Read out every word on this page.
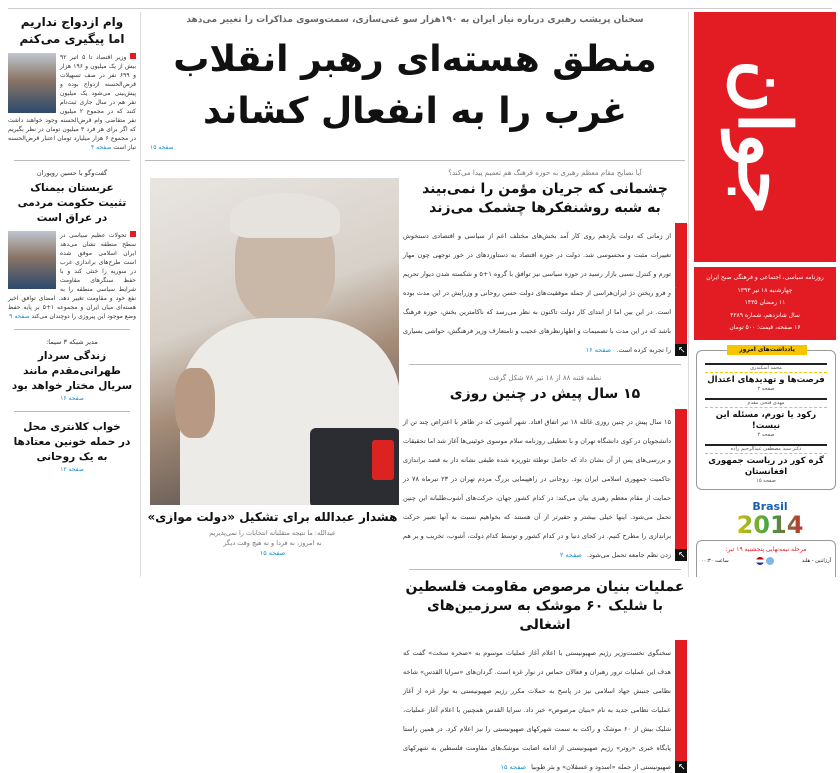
جوان
روزنامه سیاسی، اجتماعی و فرهنگی صبح ایران
چهارشنبه ۱۸ تیر ۱۳۹۳
۱۱ رمضان ۱۴۳۵
سال شانزدهم، شماره ۴۲۸۹
۱۶ صفحه، قیمت: ۵۰۰ تومان
یادداشت‌های امروز
محمد اسکندری
فرصت‌ها و تهدیدهای اعتدال
صفحه ۲
مهدی فتحی مقدم
رکود یا تورم، مسئله این نیست!
صفحه ۴
دکتر سید مصطفی عبدالرحیم زاده
گره کور در ریاست جمهوری افغانستان
صفحه ۱۵
Brasil
2014
مرحله نیمه‌نهایی پنجشنبه ۱۹ تیر:
آرژانتین - هلند
ساعت ۰۰:۳۰
سخنان پریشب رهبری درباره نیاز ایران به ۱۹۰هزار سو غنی‌سازی، سمت‌وسوی مذاکرات را تغییر می‌دهد
منطق هسته‌ای رهبر انقلاب
غرب را به انفعال کشاند
صفحه ۱۵
هشدار عبدالله برای تشکیل «دولت موازی»
عبدالله: ما نتیجه متقلبانه انتخابات را نمی‌پذیریم
نه امروز، نه فردا و نه هیچ وقت دیگر
صفحه ۱۵
آیا نصایح مقام معظم رهبری به حوزه فرهنگ هم تعمیم پیدا می‌کند؟
چشمانی که جریان مؤمن را نمی‌بیند
به شبه روشنفکرها چشمک می‌زند
↙
فرهنگی
از زمانی که دولت یازدهم روی کار آمد بخش‌های مختلف اعم از سیاسی و اقتصادی دستخوش تغییرات مثبت و محسوسی شد. دولت در حوزه اقتصاد به دستاوردهای در خور توجهی چون مهار تورم و کنترل نسبی بازار رسید در حوزه سیاسی نیز توافق با گروه ۱+۵ و شکسته شدن دیوار تحریم و فرو ریختن دژ ایران‌هراسی از جمله موفقیت‌های دولت حسن روحانی و وزرایش در این مدت بوده است. در این بین اما از ابتدای کار دولت تاکنون به نظر می‌رسد که ناکامترین بخش، حوزه فرهنگ باشد که در این مدت با تصمیمات و اظهارنظرهای عجیب و نامتعارف وزیر فرهنگش، حواشی بسیاری را تجربه کرده است. صفحه ۱۶
نطفه فتنه ۸۸ از ۱۸ تیر ۷۸ شکل گرفت
۱۵ سال پیش در چنین روزی
↙
سیاسی
۱۵ سال پیش در چنین روزی غائله ۱۸ تیر اتفاق افتاد. شهر آشوبی که در ظاهر با اعتراض چند تن از دانشجویان در کوی دانشگاه تهران و با تعطیلی روزنامه سلام موسوی خوئینی‌ها آغاز شد اما تحقیقات و بررسی‌های پس از آن نشان داد که حاصل توطئه تئوریزه شده طیفی نشانه دار به قصد براندازی حاکمیت جمهوری اسلامی ایران بود. روحانی در راهپیمایی بزرگ مردم تهران در ۲۳ تیرماه ۷۸ در حمایت از مقام معظم رهبری بیان می‌کند: در کدام کشور جهان، حرکت‌های آشوب‌طلبانه این چنین تحمل می‌شود. اینها خیلی بیشتر و حقیرتر از آن هستند که بخواهیم نسبت به آنها تعبیر حرکت براندازی را مطرح کنیم. در کجای دنیا و در کدام کشور و توسط کدام دولت، آشوب، تخریب و بر هم زدن نظم جامعه تحمل می‌شود. صفحه ۲
عملیات بنیان مرصوص مقاومت فلسطین
با شلیک ۶۰ موشک به سرزمین‌های اشغالی
↙
بین‌الملل
سخنگوی نخست‌وزیر رژیم صهیونیستی با اعلام آغاز عملیات موسوم به «صخره سخت» گفت که هدف این عملیات ترور رهبران و فعالان حماس در نوار غزه است. گردان‌های «سرایا القدس» شاخه نظامی جنبش جهاد اسلامی نیز در پاسخ به حملات مکرر رژیم صهیونیستی به نوار غزه از آغاز عملیات نظامی جدید به نام «بنیان مرصوص» خبر داد. سرایا القدس همچنین با اعلام آغاز عملیات، شلیک بیش از ۶۰ موشک و راکت به سمت شهرکهای صهیونیستی را نیز اعلام کرد. در همین راستا پایگاه خبری «روتر» رژیم صهیونیستی از ادامه اصابت موشک‌های مقاومت فلسطین به شهرکهای صهیونیستی از جمله «اسدود و عسقلان» و بئر طوبیا صفحه ۱۵
وام ازدواج نداریم
اما پیگیری می‌کنم
وزیر اقتصاد تا ۵ اتیر ۹۲ بیش از یک میلیون و ۱۹۶ هزار و ۶۹۹ نفر در صف تسهیلات قرض‌الحسنه ازدواج بوده و پیش‌بینی می‌شود یک میلیون نفر هم در سال جاری ثبت‌نام کنند که در مجموع ۲ میلیون نفر متقاضی وام قرض‌الحسنه وجود خواهند داشت که اگر برای هر فرد ۳ میلیون تومان در نظر بگیریم در مجموع ۶ هزار میلیارد تومان اعتبار قرض‌الحسنه نیاز است صفحه ۴
گفت‌وگو با حسین رویوران
عربستان بیمناک
تثبیت حکومت مردمی
در عراق است
تحولات عظیم سیاسی در سطح منطقه نشان می‌دهد ایران اسلامی موفق شده است طرح‌های براندازی غرب در سوریه را خنثی کند و با حفظ سنگرهای مقاومت شرایط سیاسی منطقه را به نفع خود و مقاومت تغییر دهد. امضای توافق اخیر هسته‌ای میان ایران و مجموعه ۱+۵ بر پایه حفظ وضع موجود این پیروزی را دوچندان می‌کند صفحه ۹
مدیر شبکه ۳ سیما:
زندگی سردار
طهرانی‌مقدم مانند
سریال مختار خواهد بود
صفحه ۱۶
خواب کلانتری محل
در حمله خونین معتادها
به یک روحانی
صفحه ۱۲
